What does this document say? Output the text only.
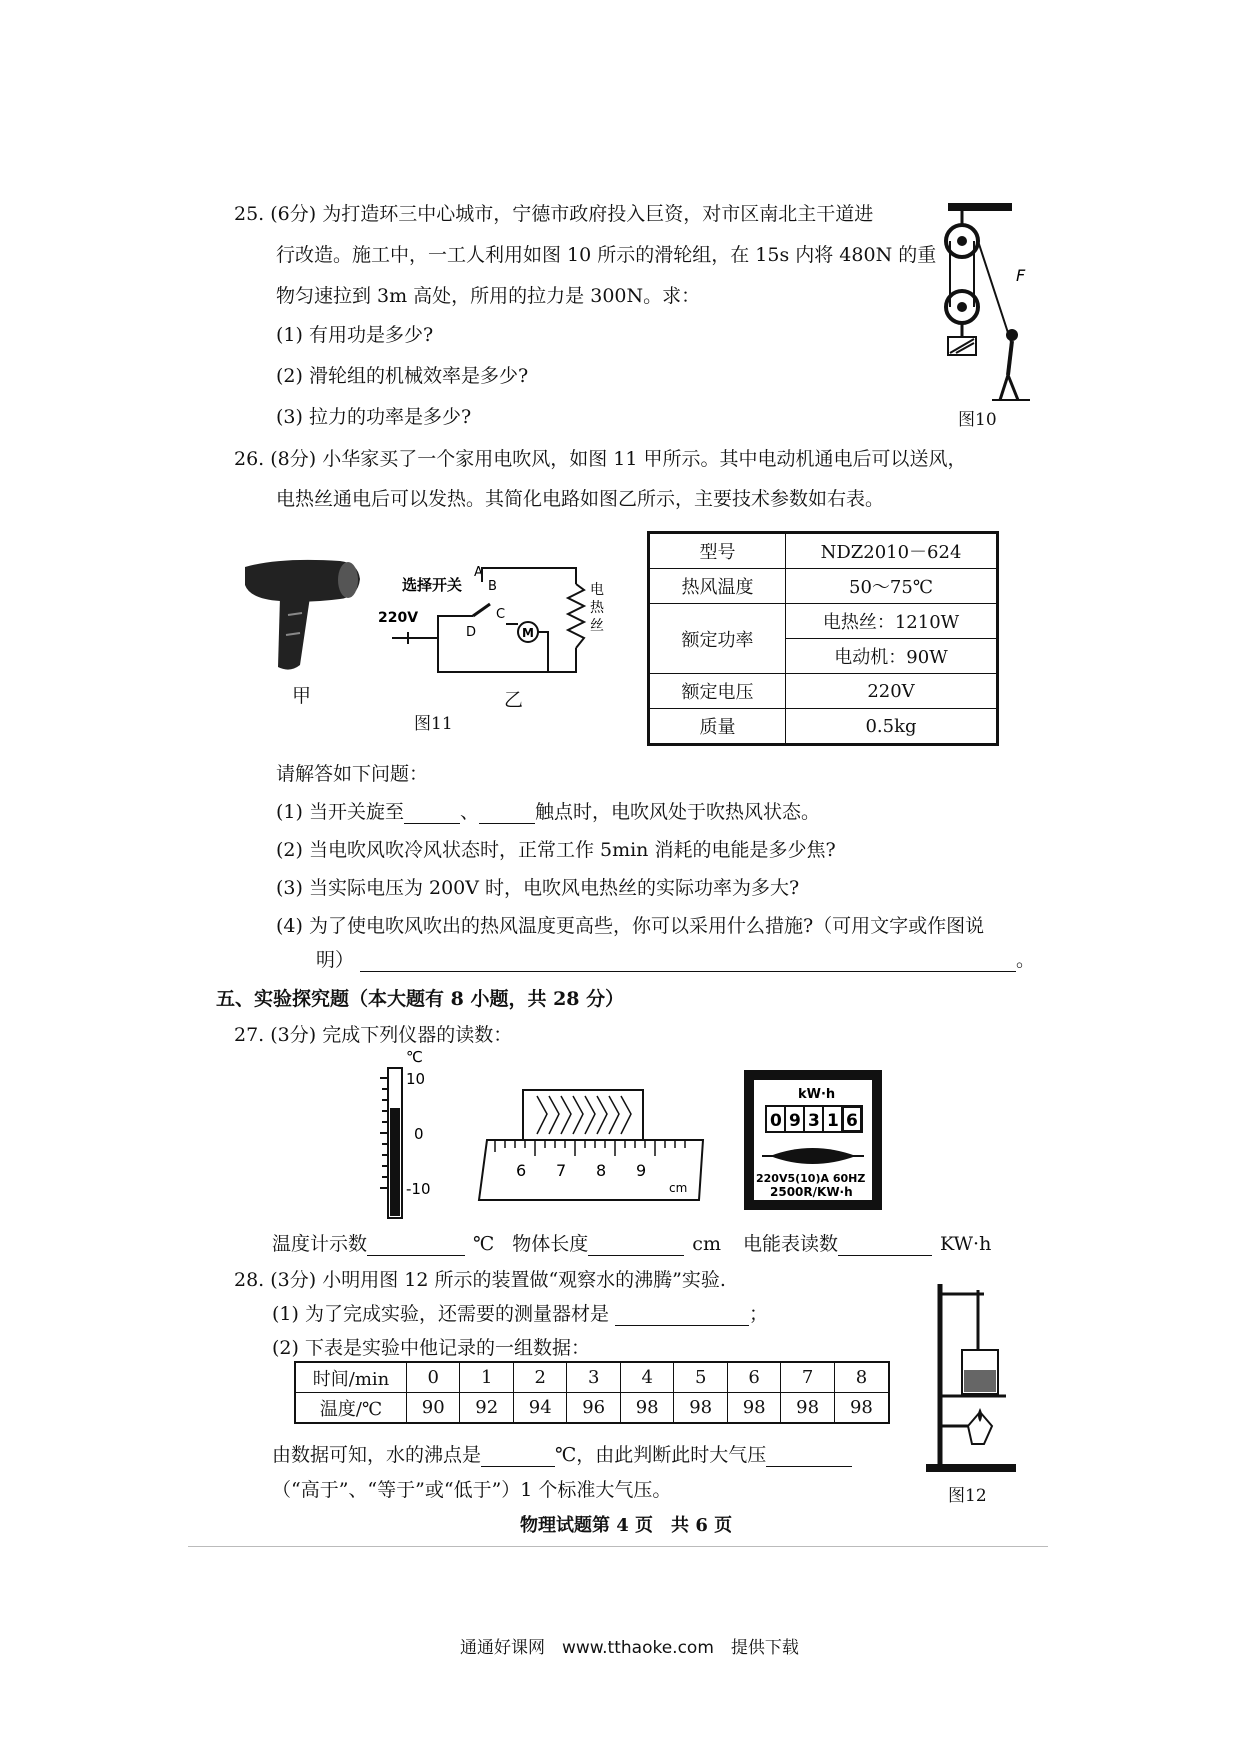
25. (6分) 为打造环三中心城市，宁德市政府投入巨资，对市区南北主干道进
行改造。施工中，一工人利用如图 10 所示的滑轮组，在 15s 内将 480N 的重
物匀速拉到 3m 高处，所用的拉力是 300N。求：
(1) 有用功是多少?
(2) 滑轮组的机械效率是多少?
(3) 拉力的功率是多少?
F
图10
26. (8分) 小华家买了一个家用电吹风，如图 11 甲所示。其中电动机通电后可以送风，
电热丝通电后可以发热。其简化电路如图乙所示，主要技术参数如右表。
甲
选择开关
A
B
C
D
220V
M
电
热
丝
乙
图11
型号	NDZ2010－624
热风温度	50～75℃
额定功率	电热丝：1210W
	电动机：90W
额定电压	220V
质量	0.5kg
请解答如下问题：
(1) 当开关旋至	、	触点时，电吹风处于吹热风状态。
(2) 当电吹风吹冷风状态时，正常工作 5min 消耗的电能是多少焦?
(3) 当实际电压为 200V 时，电吹风电热丝的实际功率为多大?
(4) 为了使电吹风吹出的热风温度更高些，你可以采用什么措施?（可用文字或作图说
明）	。
五、实验探究题（本大题有 8 小题，共 28 分）
27. (3分) 完成下列仪器的读数：
℃
10
0
-10
6 7 8 9
cm
kW·h
0 9 3 1 6
220V5(10)A 60HZ
2500R/KW·h
温度计示数	℃ 物体长度	cm 电能表读数	KW·h
28. (3分) 小明用图 12 所示的装置做“观察水的沸腾”实验.
(1) 为了完成实验，还需要的测量器材是	；
(2) 下表是实验中他记录的一组数据：
时间/min	0	1	2	3	4	5	6	7	8
温度/℃	90	92	94	96	98	98	98	98	98
由数据可知，水的沸点是	℃，由此判断此时大气压
（“高于”、“等于”或“低于”）1 个标准大气压。	图12
物理试题第 4 页　共 6 页
通通好课网　www.tthaoke.com　提供下载
